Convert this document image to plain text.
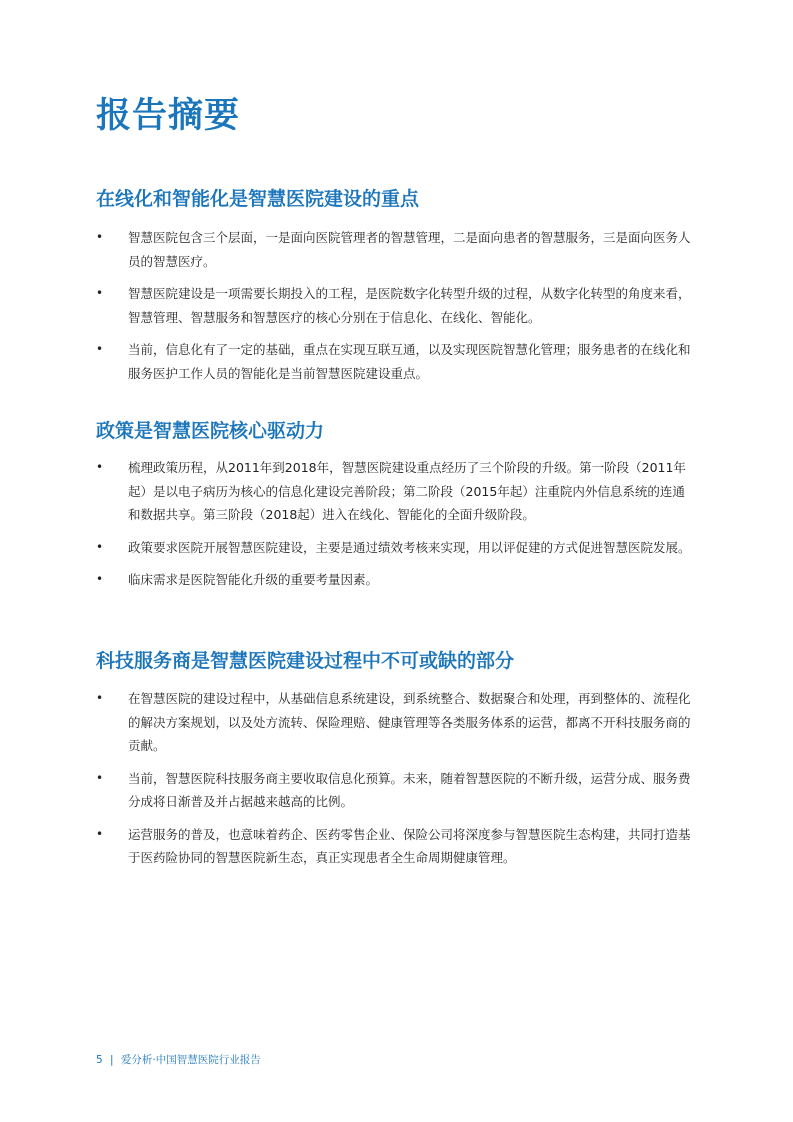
报告摘要
在线化和智能化是智慧医院建设的重点
• 智慧医院包含三个层面，一是面向医院管理者的智慧管理，二是面向患者的智慧服务，三是面向医务人员的智慧医疗。
• 智慧医院建设是一项需要长期投入的工程，是医院数字化转型升级的过程，从数字化转型的角度来看，智慧管理、智慧服务和智慧医疗的核心分别在于信息化、在线化、智能化。
• 当前，信息化有了一定的基础，重点在实现互联互通，以及实现医院智慧化管理；服务患者的在线化和服务医护工作人员的智能化是当前智慧医院建设重点。
政策是智慧医院核心驱动力
• 梳理政策历程，从2011年到2018年，智慧医院建设重点经历了三个阶段的升级。第一阶段（2011年起）是以电子病历为核心的信息化建设完善阶段；第二阶段（2015年起）注重院内外信息系统的连通和数据共享。第三阶段（2018起）进入在线化、智能化的全面升级阶段。
• 政策要求医院开展智慧医院建设，主要是通过绩效考核来实现，用以评促建的方式促进智慧医院发展。
• 临床需求是医院智能化升级的重要考量因素。
科技服务商是智慧医院建设过程中不可或缺的部分
• 在智慧医院的建设过程中，从基础信息系统建设，到系统整合、数据聚合和处理，再到整体的、流程化的解决方案规划，以及处方流转、保险理赔、健康管理等各类服务体系的运营，都离不开科技服务商的贡献。
• 当前，智慧医院科技服务商主要收取信息化预算。未来，随着智慧医院的不断升级，运营分成、服务费分成将日渐普及并占据越来越高的比例。
• 运营服务的普及，也意味着药企、医药零售企业、保险公司将深度参与智慧医院生态构建，共同打造基于医药险协同的智慧医院新生态，真正实现患者全生命周期健康管理。
5 | 爱分析·中国智慧医院行业报告
